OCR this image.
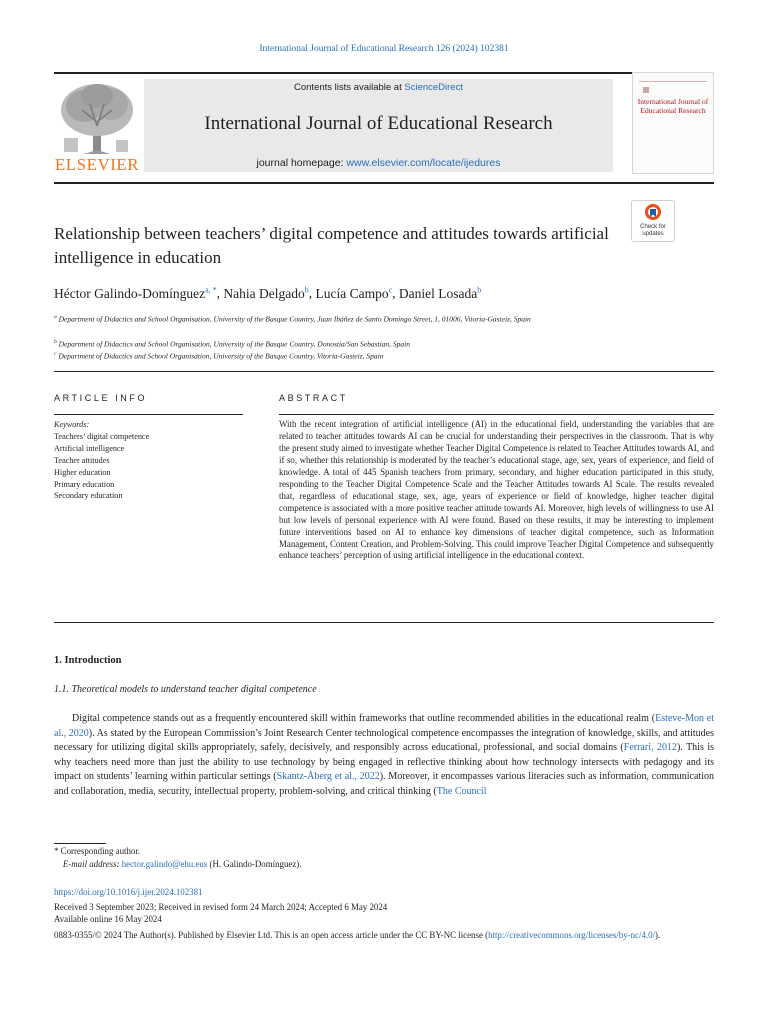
International Journal of Educational Research 126 (2024) 102381
ELSEVIER
Contents lists available at ScienceDirect
International Journal of Educational Research
journal homepage: www.elsevier.com/locate/ijedures
International Journal of Educational Research
Relationship between teachers’ digital competence and attitudes towards artificial intelligence in education
Check for updates
Héctor Galindo-Domínguez$^{a, *}$, Nahia Delgado$^b$, Lucía Campo$^c$, Daniel Losada$^b$
$^a$ Department of Didactics and School Organisation, University of the Basque Country, Juan Ibáñez de Santo Domingo Street, 1, 01006, Vitoria-Gasteiz, Spain
$^b$ Department of Didactics and School Organisation, University of the Basque Country, Donostia/San Sebastian, Spain
$^c$ Department of Didactics and School Organisation, University of the Basque Country, Vitoria-Gasteiz, Spain
ARTICLE INFO	ABSTRACT
Keywords:
Teachers’ digital competence
Artificial intelligence
Teacher attitudes
Higher education
Primary education
Secondary education
With the recent integration of artificial intelligence (AI) in the educational field, understanding the variables that are related to teacher attitudes towards AI can be crucial for understanding their perspectives in the classroom. That is why the present study aimed to investigate whether Teacher Digital Competence is related to Teacher Attitudes towards AI, and if so, whether this relationship is moderated by the teacher’s educational stage, age, sex, years of experience, and field of knowledge. A total of 445 Spanish teachers from primary, secondary, and higher education participated in this study, responding to the Teacher Digital Competence Scale and the Teacher Attitudes towards AI Scale. The results revealed that, regardless of educational stage, sex, age, years of experience or field of knowledge, higher teacher digital competence is associated with a more positive teacher attitude towards AI. Moreover, high levels of willingness to use AI but low levels of personal experience with AI were found. Based on these results, it may be interesting to implement future interventions based on AI to enhance key dimensions of teacher digital competence, such as Information Management, Content Creation, and Problem-Solving. This could improve Teacher Digital Competence and subsequently enhance teachers’ perception of using artificial intelligence in the educational context.
1. Introduction
1.1. Theoretical models to understand teacher digital competence
Digital competence stands out as a frequently encountered skill within frameworks that outline recommended abilities in the educational realm (Esteve-Mon et al., 2020). As stated by the European Commission’s Joint Research Center technological competence encompasses the integration of knowledge, skills, and attitudes necessary for utilizing digital skills appropriately, safely, decisively, and responsibly across educational, professional, and social domains (Ferrari, 2012). This is why teachers need more than just the ability to use technology by being engaged in reflective thinking about how technology intersects with pedagogy and its impact on students’ learning within particular settings (Skantz-Åberg et al., 2022). Moreover, it encompasses various literacies such as information, communication and collaboration, media, security, intellectual property, problem-solving, and critical thinking (The Council
* Corresponding author.
E-mail address: hector.galindo@ehu.eus (H. Galindo-Domínguez).
https://doi.org/10.1016/j.ijer.2024.102381
Received 3 September 2023; Received in revised form 24 March 2024; Accepted 6 May 2024
Available online 16 May 2024
0883-0355/© 2024 The Author(s). Published by Elsevier Ltd. This is an open access article under the CC BY-NC license (http://creativecommons.org/licenses/by-nc/4.0/).
